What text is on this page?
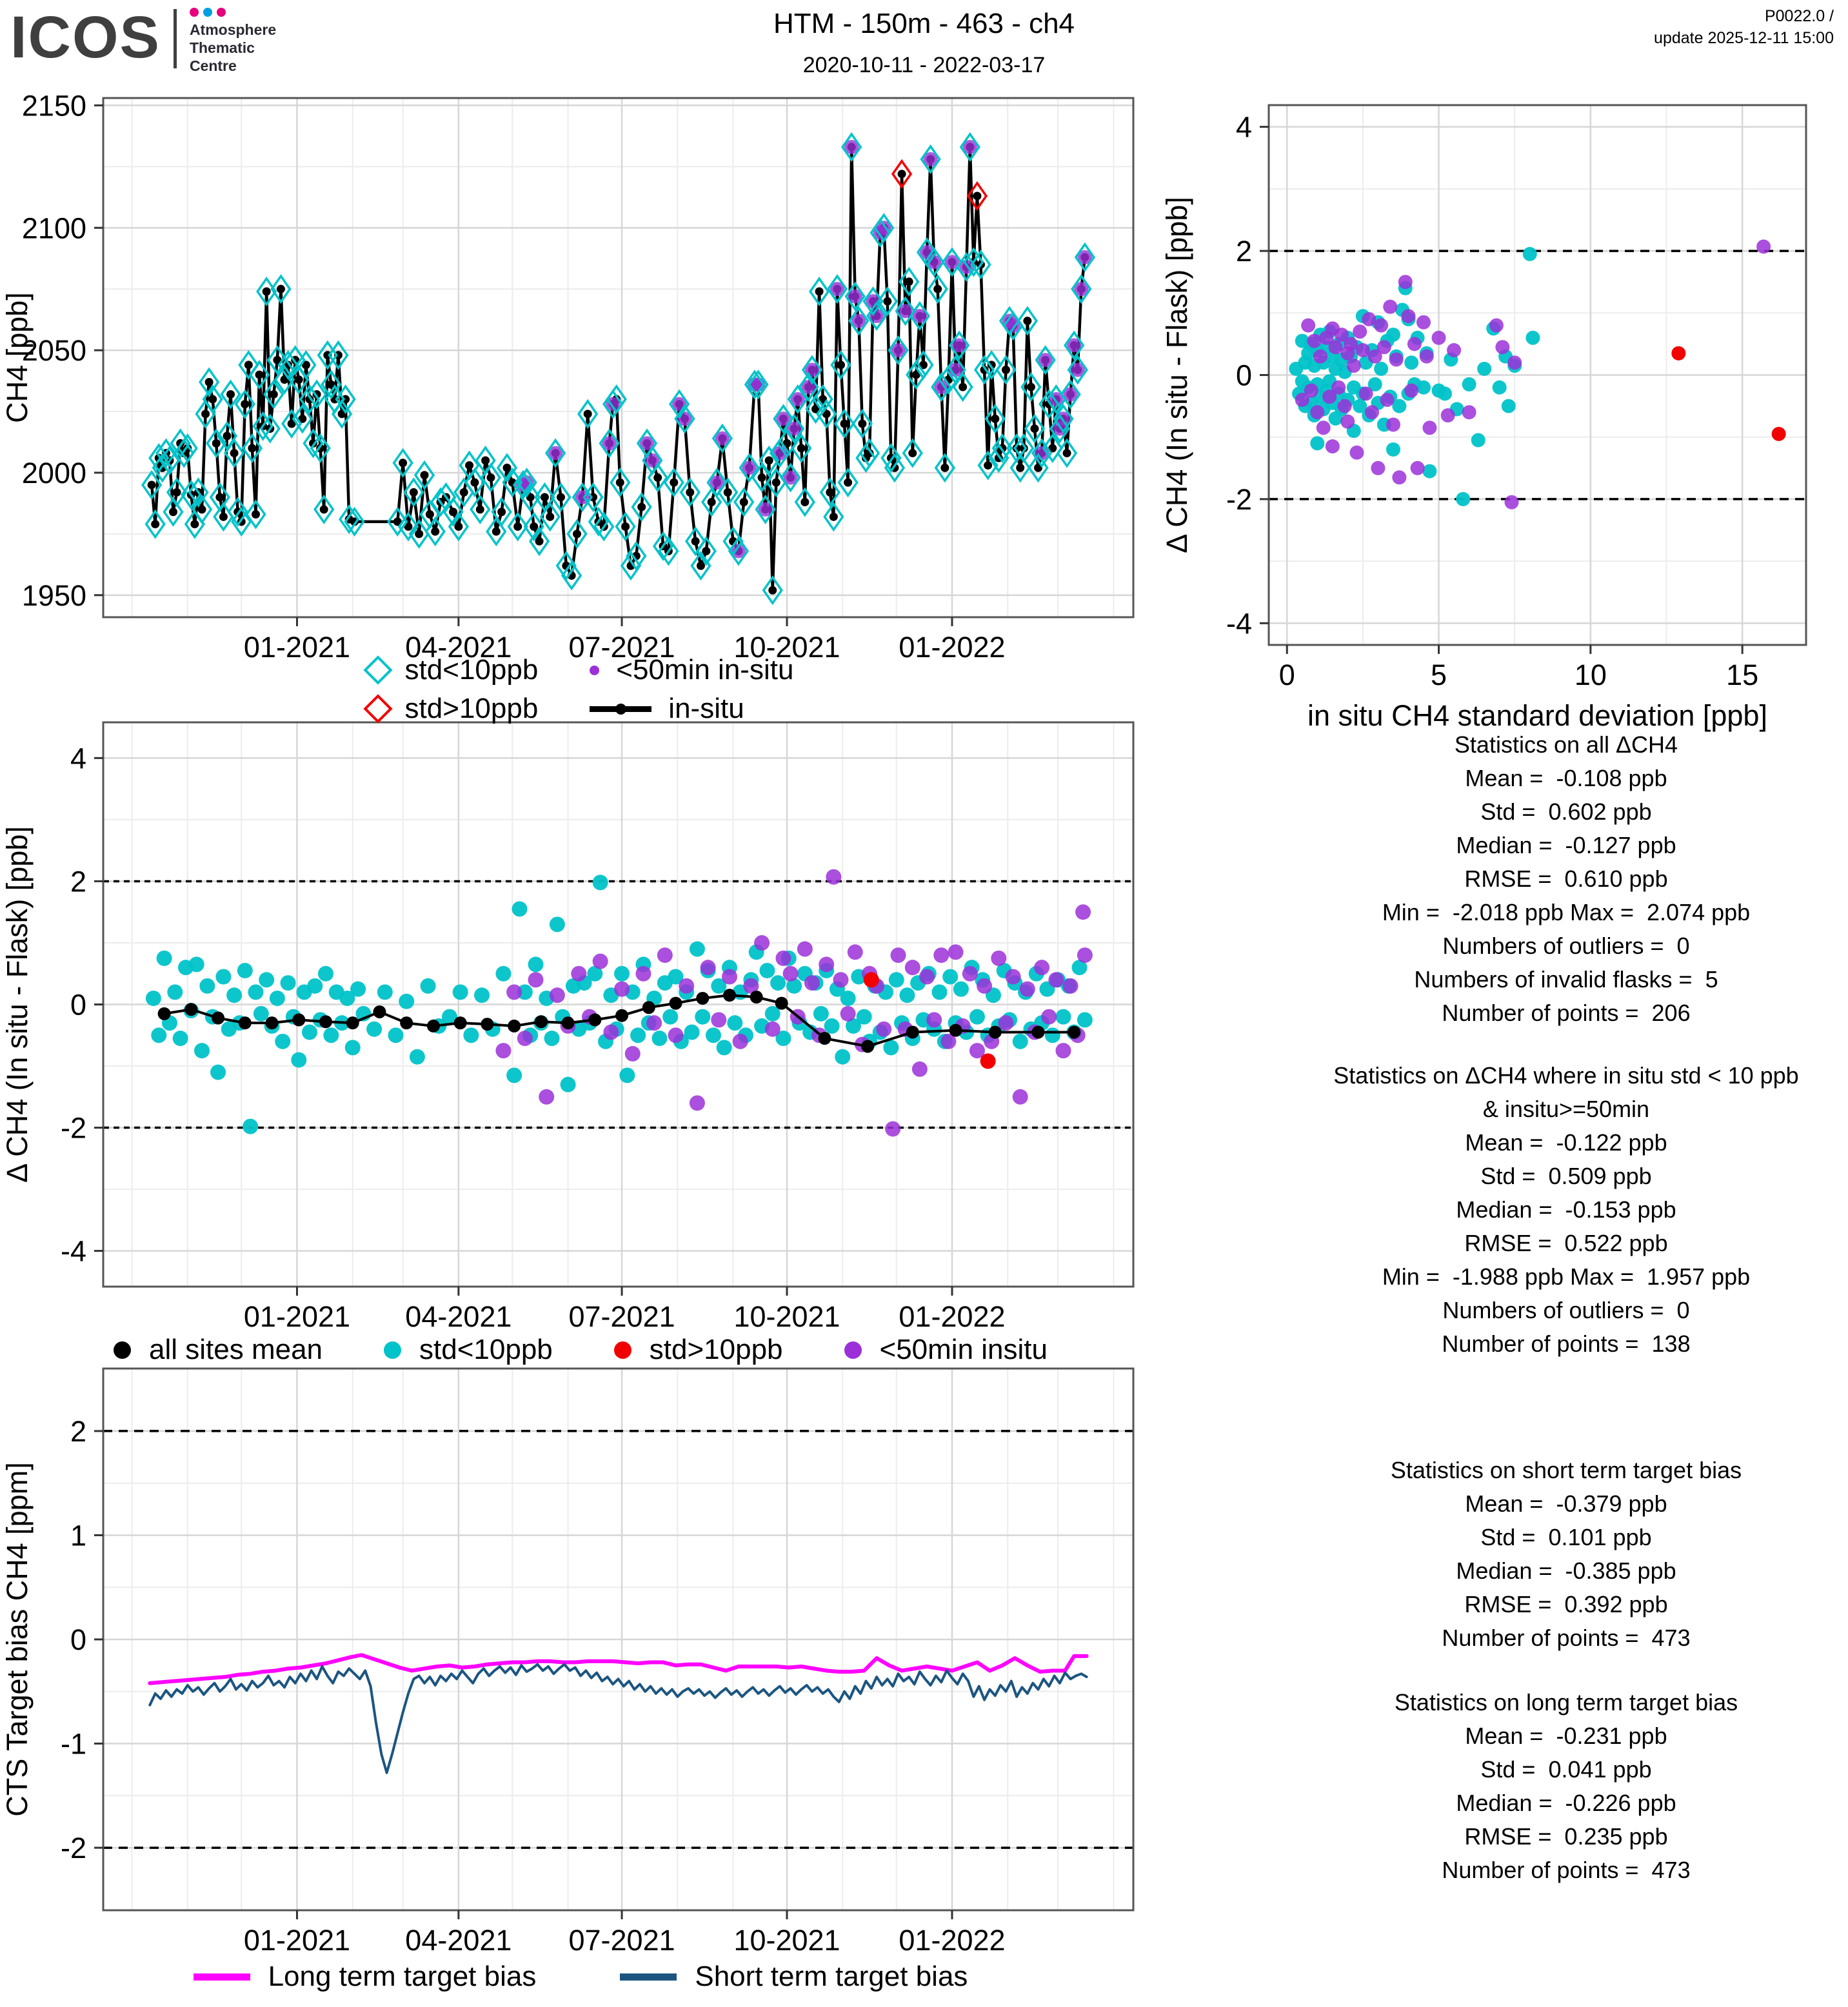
ICOS Atmosphere
Thematic
Centre
HTM - 150m - 463 - ch4
2020-10-11 - 2022-03-17
P0022.0 /
update 2025-12-11 15:00
01-2021 04-2021 07-2021 10-2021 01-2022
1950
2000
2050
2100
2150
CH4 [ppb]
0	5	10	15
-4
-2
0
2
4
Δ CH4 (In situ - Flask) [ppb]
in situ CH4 standard deviation [ppb]
01-2021 04-2021 07-2021 10-2021 01-2022
-4
-2
0
2
4
Δ CH4 (In situ - Flask) [ppb]
01-2021 04-2021 07-2021 10-2021 01-2022
-2
-1
0
1
2
CTS Target bias CH4 [ppm]
std<10ppb	<50min in-situ
std>10ppb	in-situ
all sites mean	std<10ppb	std>10ppb	<50min insitu
Long term target bias	Short term target bias
Statistics on all ΔCH4
Mean =  -0.108 ppb
Std =  0.602 ppb
Median =  -0.127 ppb
RMSE =  0.610 ppb
Min =  -2.018 ppb Max =  2.074 ppb
Numbers of outliers =  0
Numbers of invalid flasks =  5
Number of points =  206
Statistics on ΔCH4 where in situ std < 10 ppb
& insitu>=50min
Mean =  -0.122 ppb
Std =  0.509 ppb
Median =  -0.153 ppb
RMSE =  0.522 ppb
Min =  -1.988 ppb Max =  1.957 ppb
Numbers of outliers =  0
Number of points =  138
Statistics on short term target bias
Mean =  -0.379 ppb
Std =  0.101 ppb
Median =  -0.385 ppb
RMSE =  0.392 ppb
Number of points =  473
Statistics on long term target bias
Mean =  -0.231 ppb
Std =  0.041 ppb
Median =  -0.226 ppb
RMSE =  0.235 ppb
Number of points =  473
